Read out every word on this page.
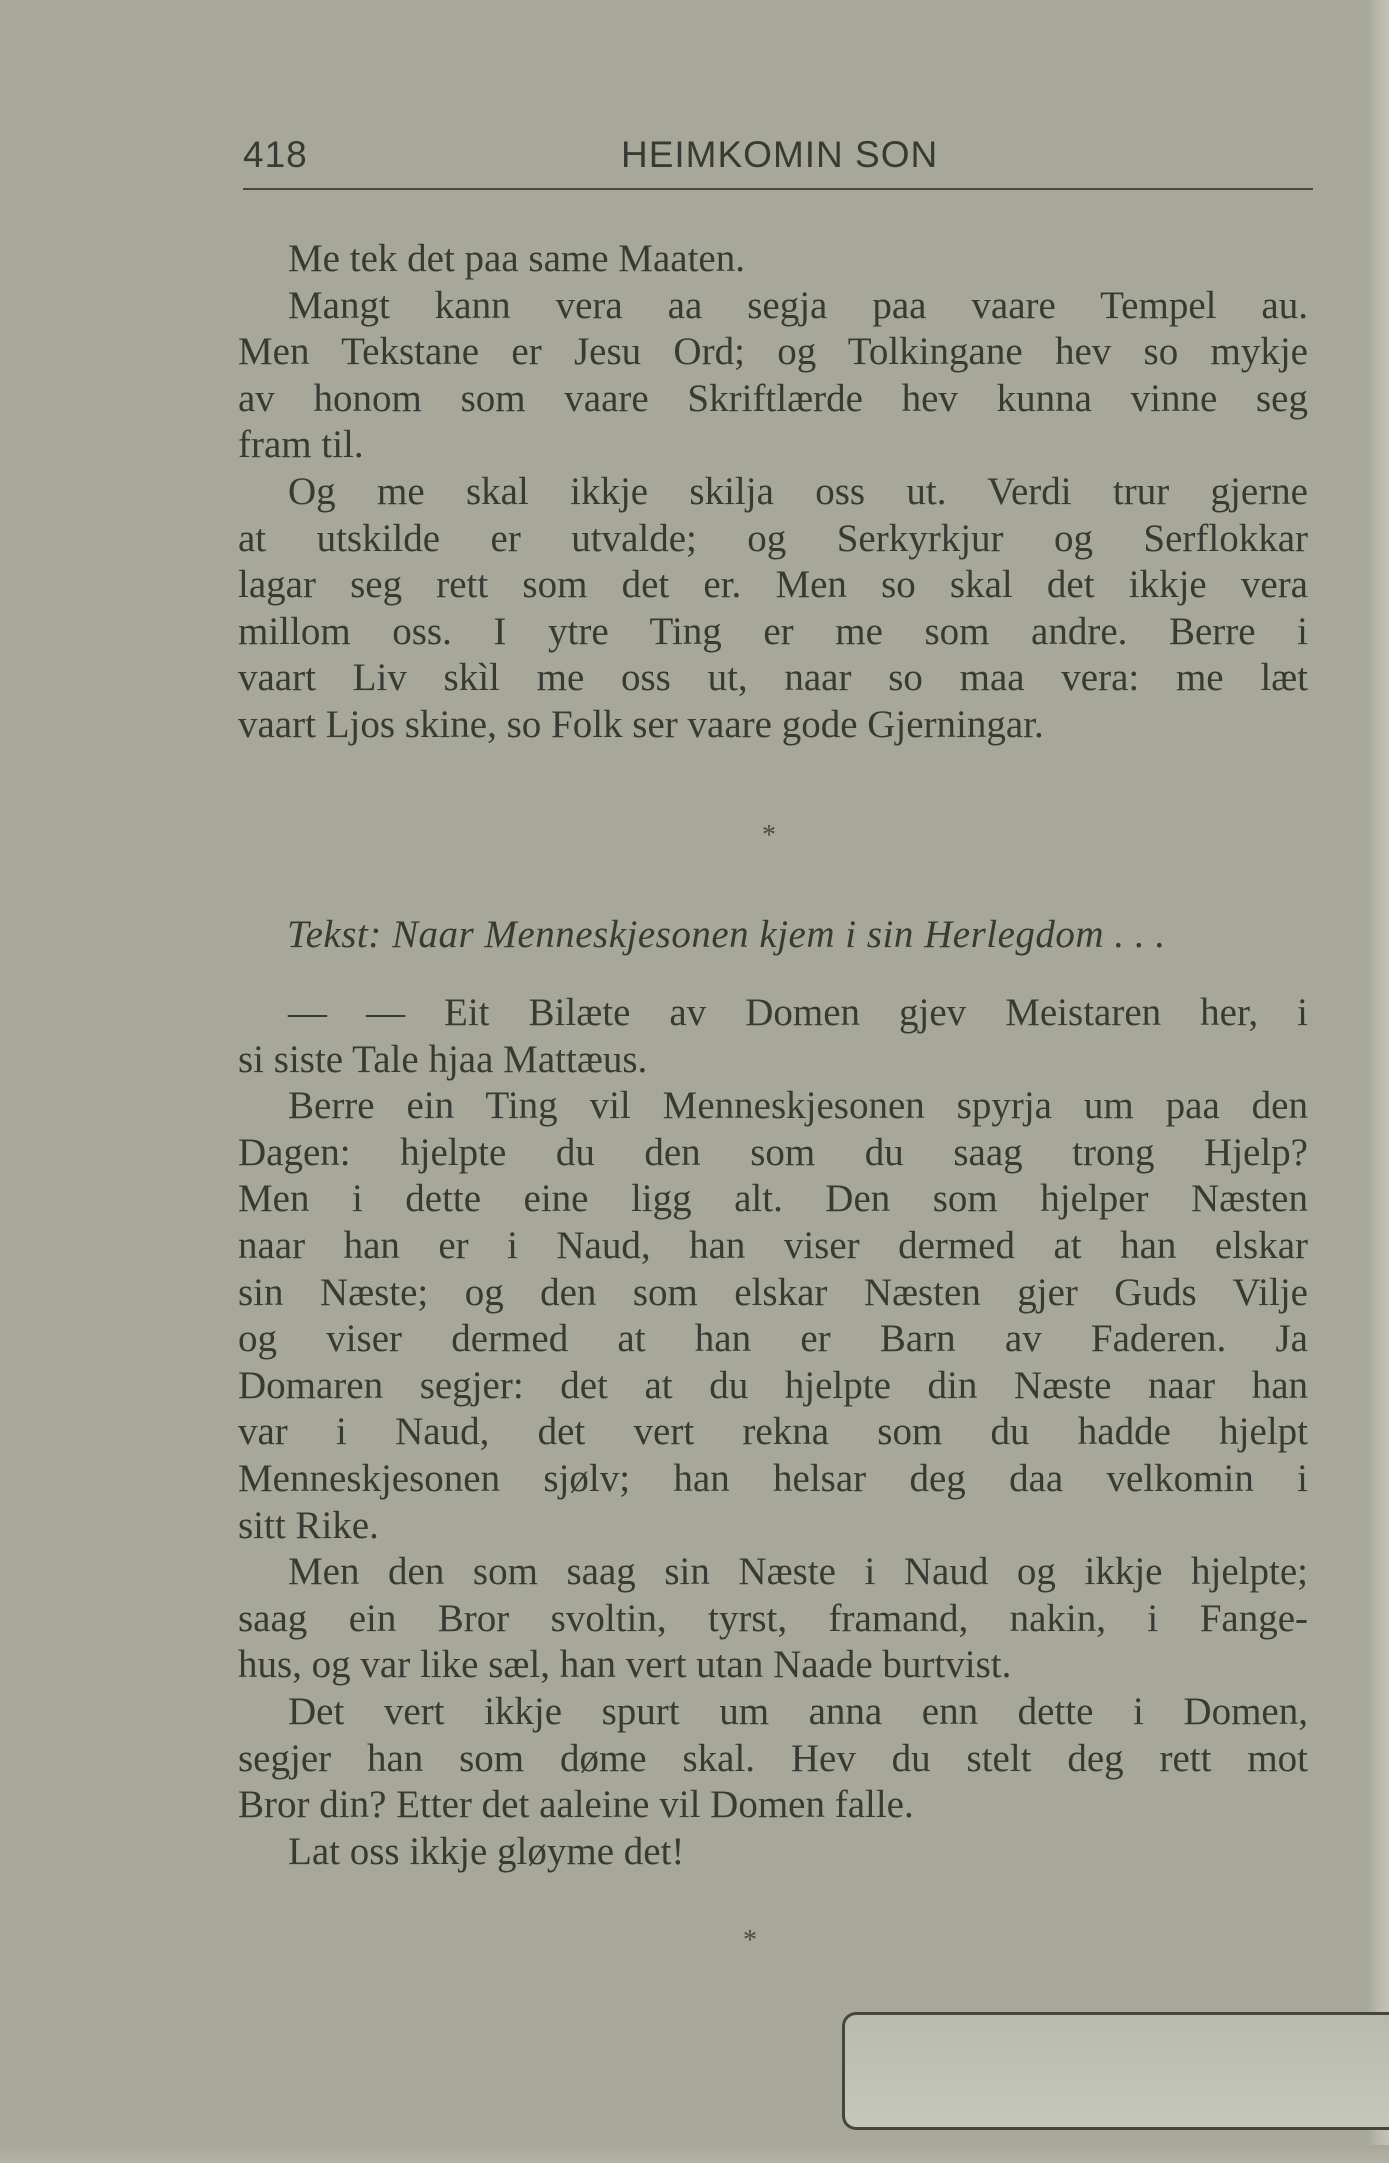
418	HEIMKOMIN SON
Me tek det paa same Maaten.
Mangt kann vera aa segja paa vaare Tempel au.
Men Tekstane er Jesu Ord; og Tolkingane hev so mykje
av honom som vaare Skriftlærde hev kunna vinne seg
fram til.
Og me skal ikkje skilja oss ut. Verdi trur gjerne
at utskilde er utvalde; og Serkyrkjur og Serflokkar
lagar seg rett som det er. Men so skal det ikkje vera
millom oss. I ytre Ting er me som andre. Berre i
vaart Liv skìl me oss ut, naar so maa vera: me læt
vaart Ljos skine, so Folk ser vaare gode Gjerningar.
*
Tekst: Naar Menneskjesonen kjem i sin Herlegdom . . .
— — Eit Bilæte av Domen gjev Meistaren her, i
si siste Tale hjaa Mattæus.
Berre ein Ting vil Menneskjesonen spyrja um paa den
Dagen: hjelpte du den som du saag trong Hjelp?
Men i dette eine ligg alt. Den som hjelper Næsten
naar han er i Naud, han viser dermed at han elskar
sin Næste; og den som elskar Næsten gjer Guds Vilje
og viser dermed at han er Barn av Faderen. Ja
Domaren segjer: det at du hjelpte din Næste naar han
var i Naud, det vert rekna som du hadde hjelpt
Menneskjesonen sjølv; han helsar deg daa velkomin i
sitt Rike.
Men den som saag sin Næste i Naud og ikkje hjelpte;
saag ein Bror svoltin, tyrst, framand, nakin, i Fange-
hus, og var like sæl, han vert utan Naade burtvist.
Det vert ikkje spurt um anna enn dette i Domen,
segjer han som døme skal. Hev du stelt deg rett mot
Bror din? Etter det aaleine vil Domen falle.
Lat oss ikkje gløyme det!
*
